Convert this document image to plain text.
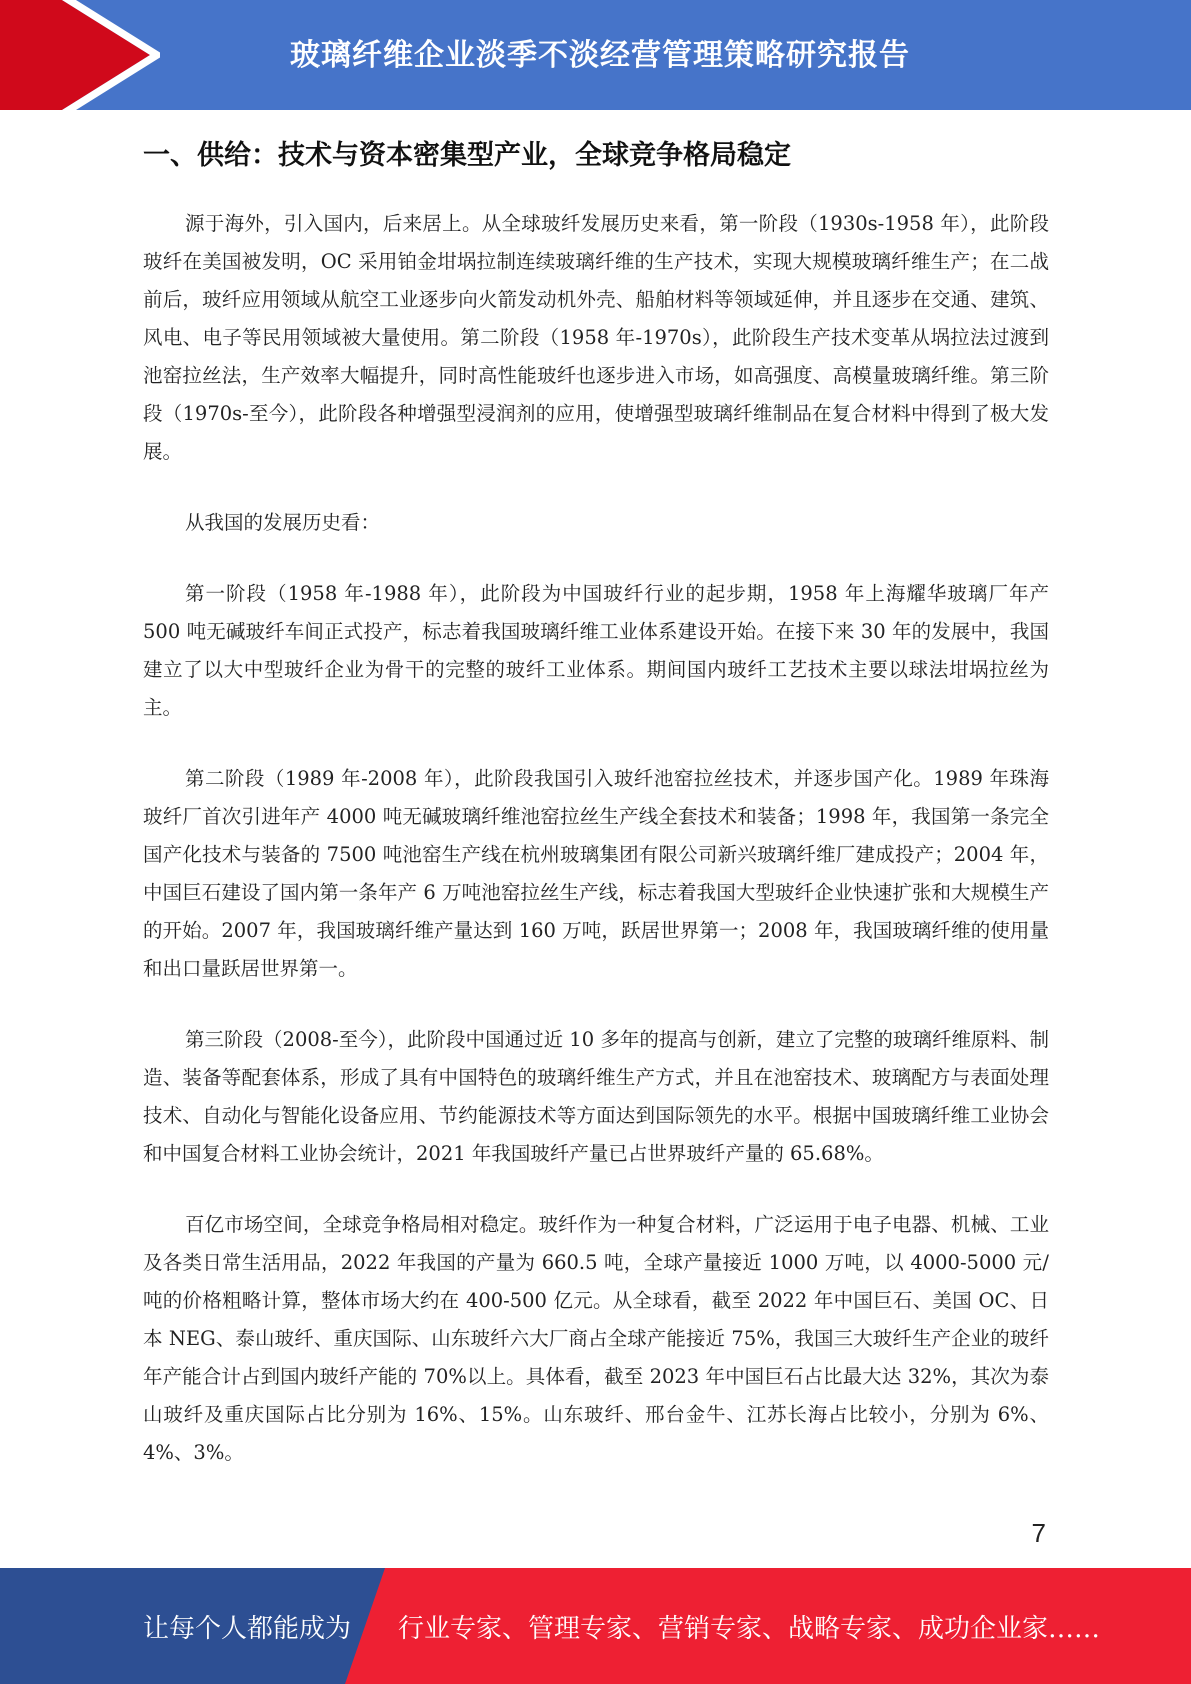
玻璃纤维企业淡季不淡经营管理策略研究报告
一、供给：技术与资本密集型产业，全球竞争格局稳定

源于海外，引入国内，后来居上。从全球玻纤发展历史来看，第一阶段（1930s-1958 年），此阶段玻纤在美国被发明，OC 采用铂金坩埚拉制连续玻璃纤维的生产技术，实现大规模玻璃纤维生产；在二战前后，玻纤应用领域从航空工业逐步向火箭发动机外壳、船舶材料等领域延伸，并且逐步在交通、建筑、风电、电子等民用领域被大量使用。第二阶段（1958 年-1970s），此阶段生产技术变革从埚拉法过渡到池窑拉丝法，生产效率大幅提升，同时高性能玻纤也逐步进入市场，如高强度、高模量玻璃纤维。第三阶段（1970s-至今），此阶段各种增强型浸润剂的应用，使增强型玻璃纤维制品在复合材料中得到了极大发展。

从我国的发展历史看：

第一阶段（1958 年-1988 年），此阶段为中国玻纤行业的起步期，1958 年上海耀华玻璃厂年产 500 吨无碱玻纤车间正式投产，标志着我国玻璃纤维工业体系建设开始。在接下来 30 年的发展中，我国建立了以大中型玻纤企业为骨干的完整的玻纤工业体系。期间国内玻纤工艺技术主要以球法坩埚拉丝为主。

第二阶段（1989 年-2008 年），此阶段我国引入玻纤池窑拉丝技术，并逐步国产化。1989 年珠海玻纤厂首次引进年产 4000 吨无碱玻璃纤维池窑拉丝生产线全套技术和装备；1998 年，我国第一条完全国产化技术与装备的 7500 吨池窑生产线在杭州玻璃集团有限公司新兴玻璃纤维厂建成投产；2004 年，中国巨石建设了国内第一条年产 6 万吨池窑拉丝生产线，标志着我国大型玻纤企业快速扩张和大规模生产的开始。2007 年，我国玻璃纤维产量达到 160 万吨，跃居世界第一；2008 年，我国玻璃纤维的使用量和出口量跃居世界第一。

第三阶段（2008-至今），此阶段中国通过近 10 多年的提高与创新，建立了完整的玻璃纤维原料、制造、装备等配套体系，形成了具有中国特色的玻璃纤维生产方式，并且在池窑技术、玻璃配方与表面处理技术、自动化与智能化设备应用、节约能源技术等方面达到国际领先的水平。根据中国玻璃纤维工业协会和中国复合材料工业协会统计，2021 年我国玻纤产量已占世界玻纤产量的 65.68%。

百亿市场空间，全球竞争格局相对稳定。玻纤作为一种复合材料，广泛运用于电子电器、机械、工业及各类日常生活用品，2022 年我国的产量为 660.5 吨，全球产量接近 1000 万吨，以 4000-5000 元/吨的价格粗略计算，整体市场大约在 400-500 亿元。从全球看，截至 2022 年中国巨石、美国 OC、日本 NEG、泰山玻纤、重庆国际、山东玻纤六大厂商占全球产能接近 75%，我国三大玻纤生产企业的玻纤年产能合计占到国内玻纤产能的 70%以上。具体看，截至 2023 年中国巨石占比最大达 32%，其次为泰山玻纤及重庆国际占比分别为 16%、15%。山东玻纤、邢台金牛、江苏长海占比较小，分别为 6%、4%、3%。

7
让每个人都能成为 行业专家、管理专家、营销专家、战略专家、成功企业家……
